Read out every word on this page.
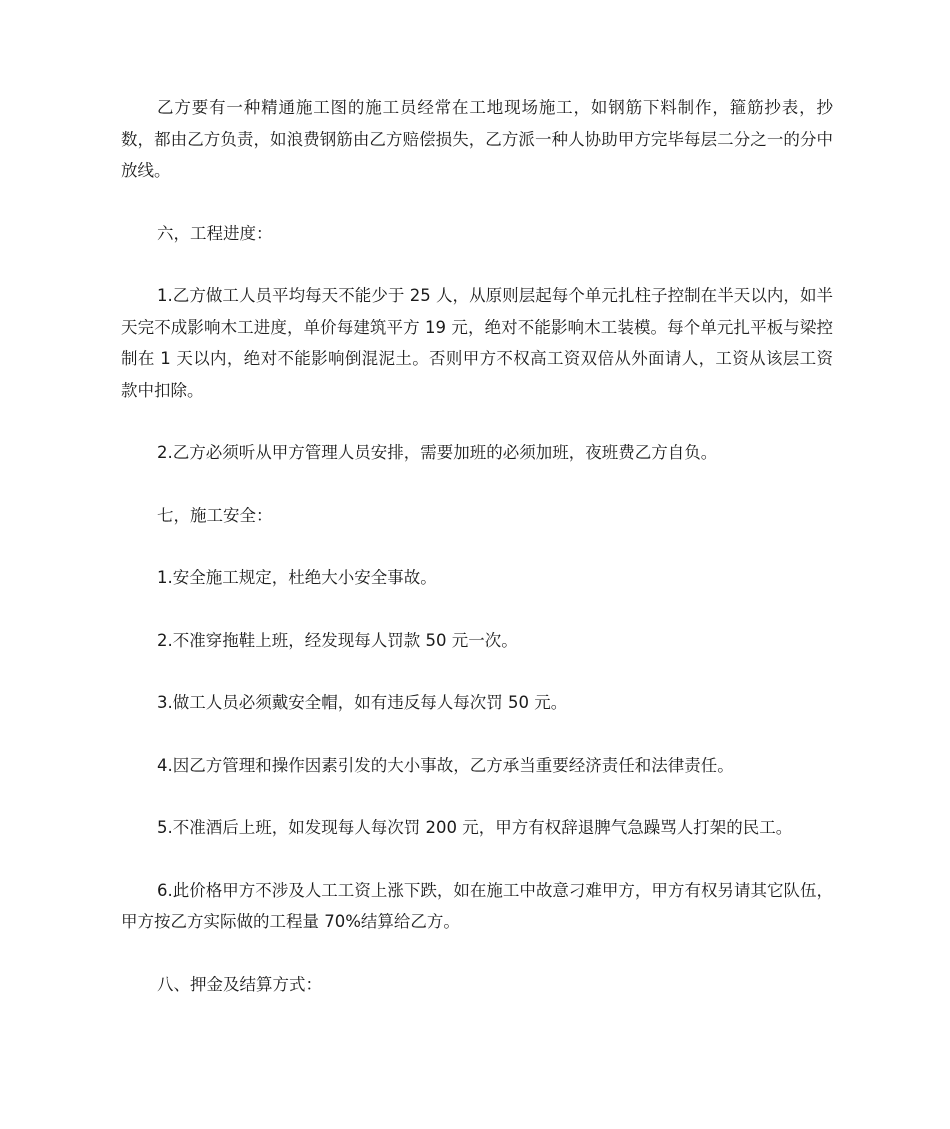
乙方要有一种精通施工图的施工员经常在工地现场施工，如钢筋下料制作，箍筋抄表，抄数，都由乙方负责，如浪费钢筋由乙方赔偿损失，乙方派一种人协助甲方完毕每层二分之一的分中放线。

六，工程进度：

1.乙方做工人员平均每天不能少于 25 人，从原则层起每个单元扎柱子控制在半天以内，如半天完不成影响木工进度，单价每建筑平方 19 元，绝对不能影响木工装模。每个单元扎平板与梁控制在 1 天以内，绝对不能影响倒混泥土。否则甲方不权高工资双倍从外面请人，工资从该层工资款中扣除。

2.乙方必须听从甲方管理人员安排，需要加班的必须加班，夜班费乙方自负。

七，施工安全：

1.安全施工规定，杜绝大小安全事故。

2.不准穿拖鞋上班，经发现每人罚款 50 元一次。

3.做工人员必须戴安全帽，如有违反每人每次罚 50 元。

4.因乙方管理和操作因素引发的大小事故，乙方承当重要经济责任和法律责任。

5.不准酒后上班，如发现每人每次罚 200 元，甲方有权辞退脾气急躁骂人打架的民工。

6.此价格甲方不涉及人工工资上涨下跌，如在施工中故意刁难甲方，甲方有权另请其它队伍，甲方按乙方实际做的工程量 70%结算给乙方。

八、押金及结算方式：
